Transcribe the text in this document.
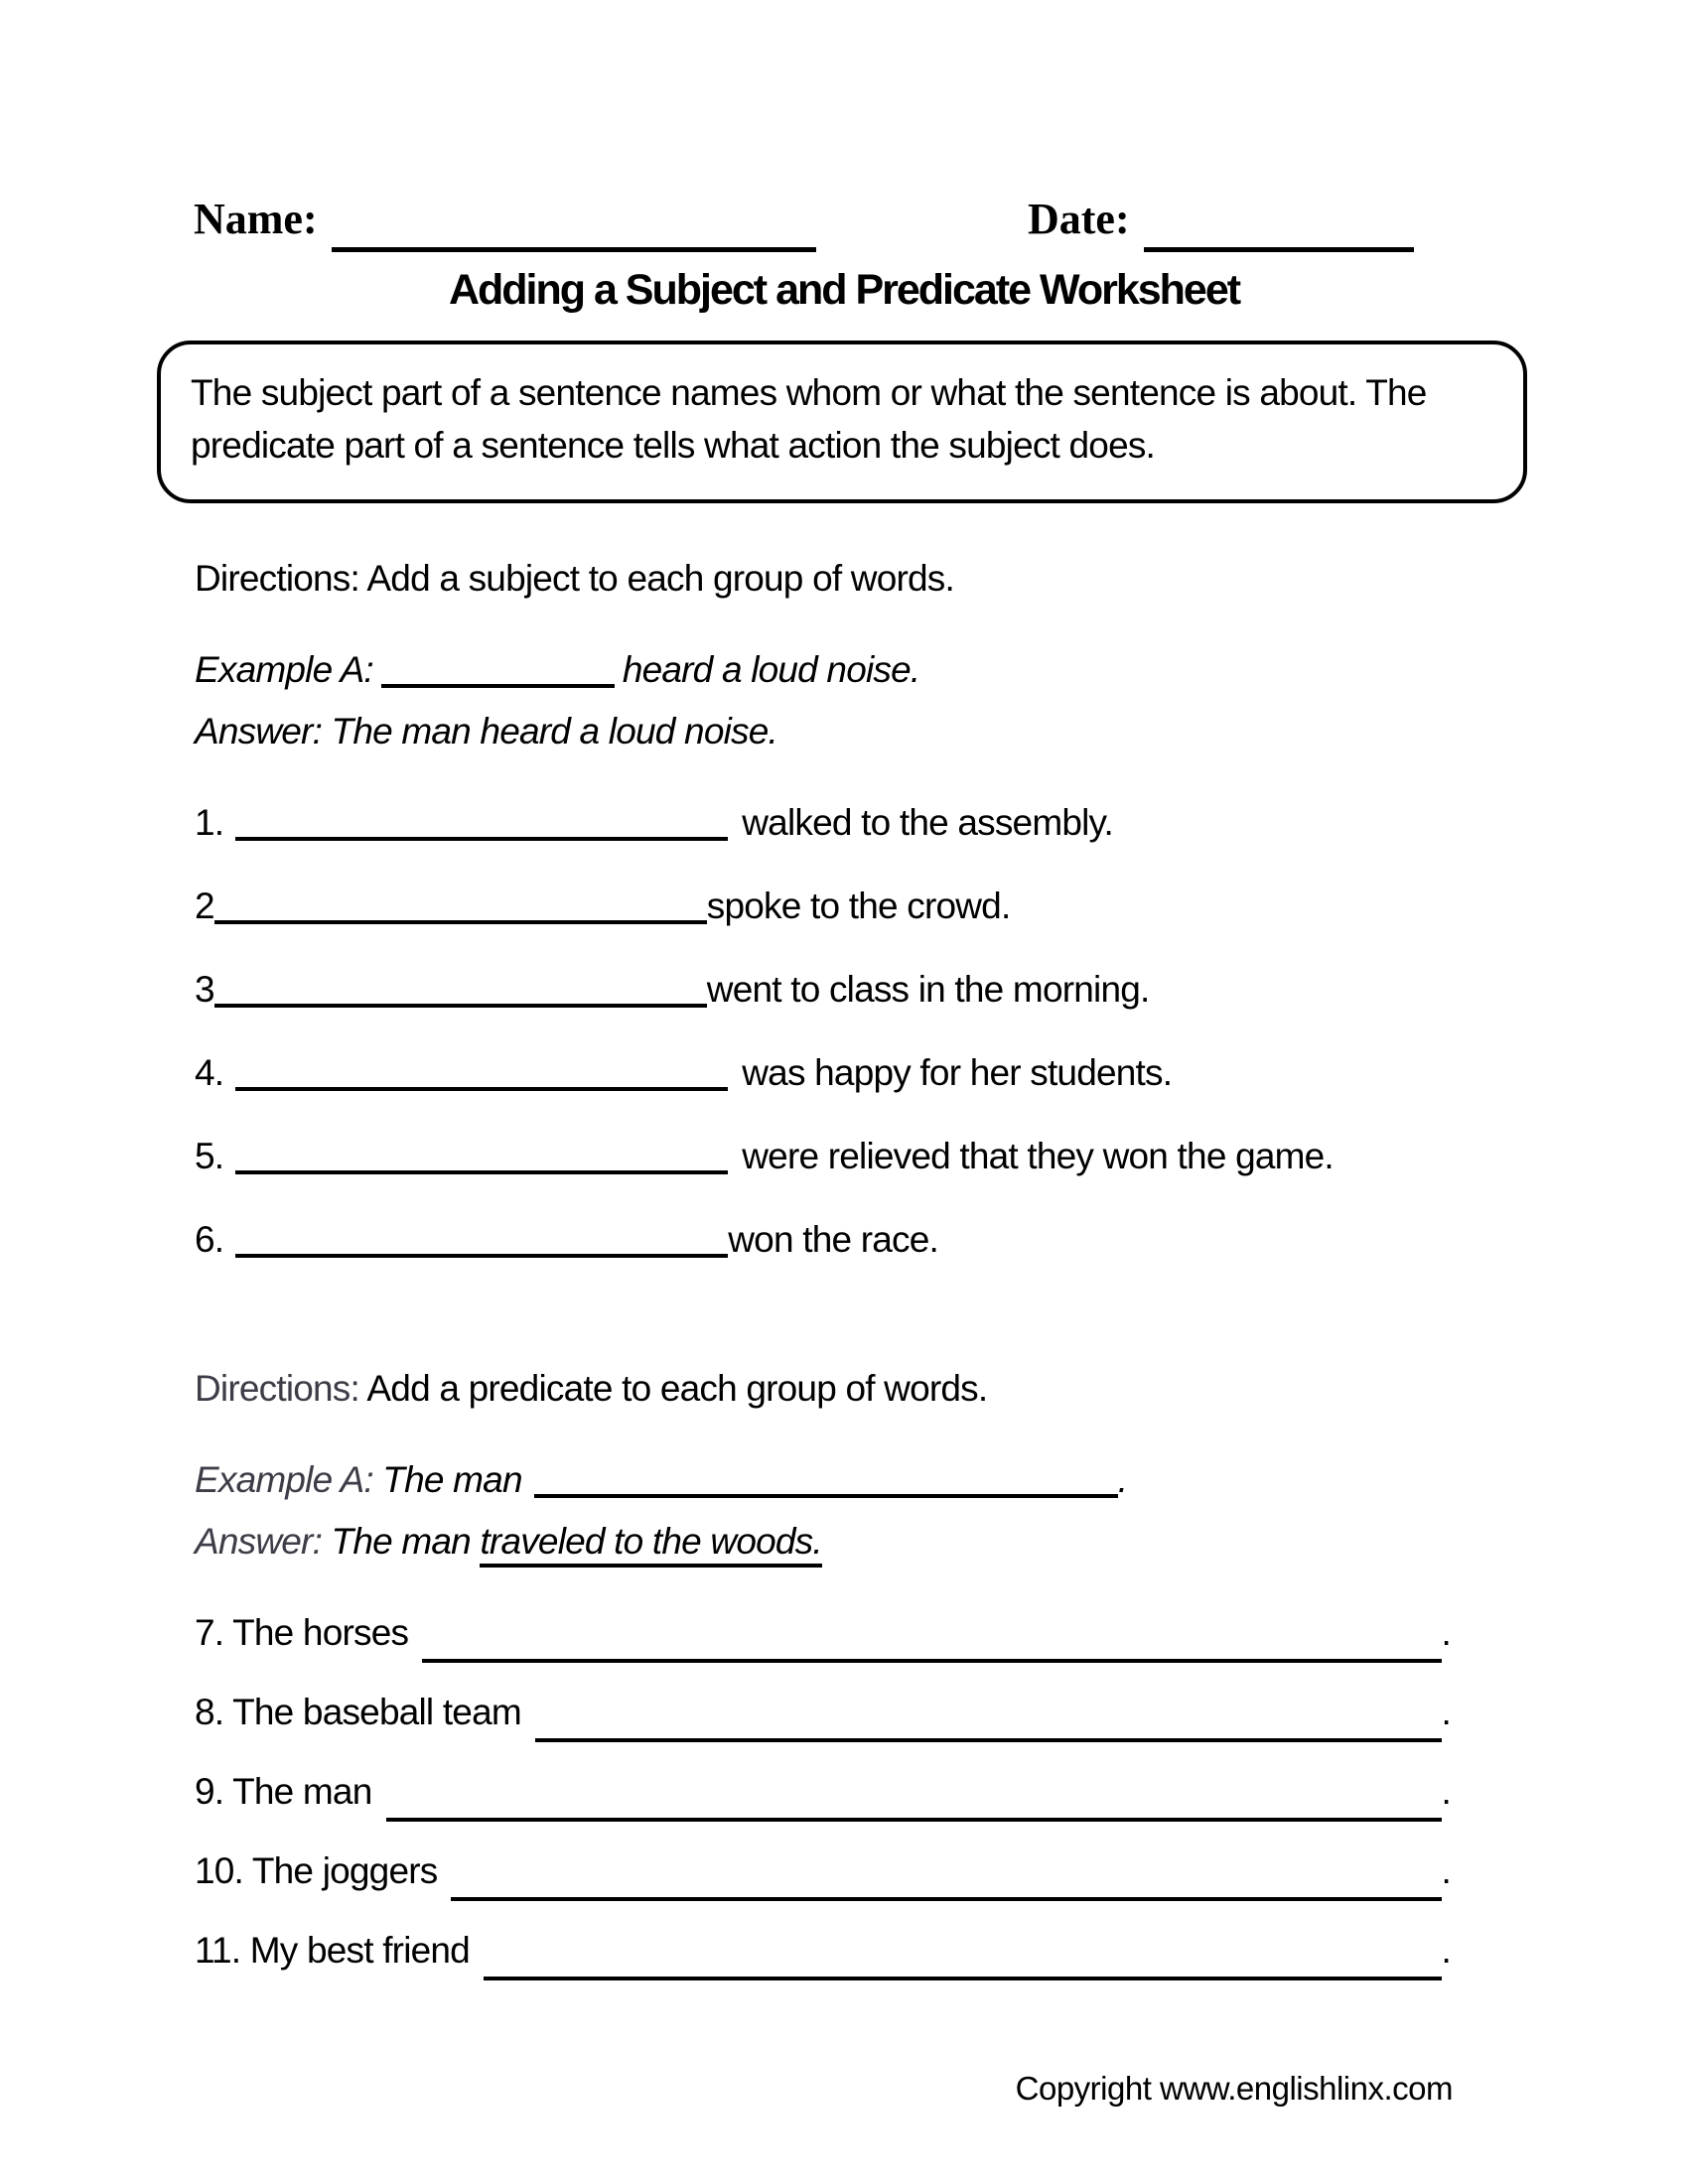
Name:	Date:
Adding a Subject and Predicate Worksheet
The subject part of a sentence names whom or what the sentence is about. The predicate part of a sentence tells what action the subject does.
Directions: Add a subject to each group of words.
Example A:	heard a loud noise.
Answer: The man heard a loud noise.
1.	walked to the assembly.
2	spoke to the crowd.
3	went to class in the morning.
4.	was happy for her students.
5.	were relieved that they won the game.
6.	won the race.
Directions: Add a predicate to each group of words.
Example A: The man	.
Answer: The man traveled to the woods.
7. The horses	.
8. The baseball team	.
9. The man	.
10. The joggers	.
11. My best friend	.
Copyright www.englishlinx.com
